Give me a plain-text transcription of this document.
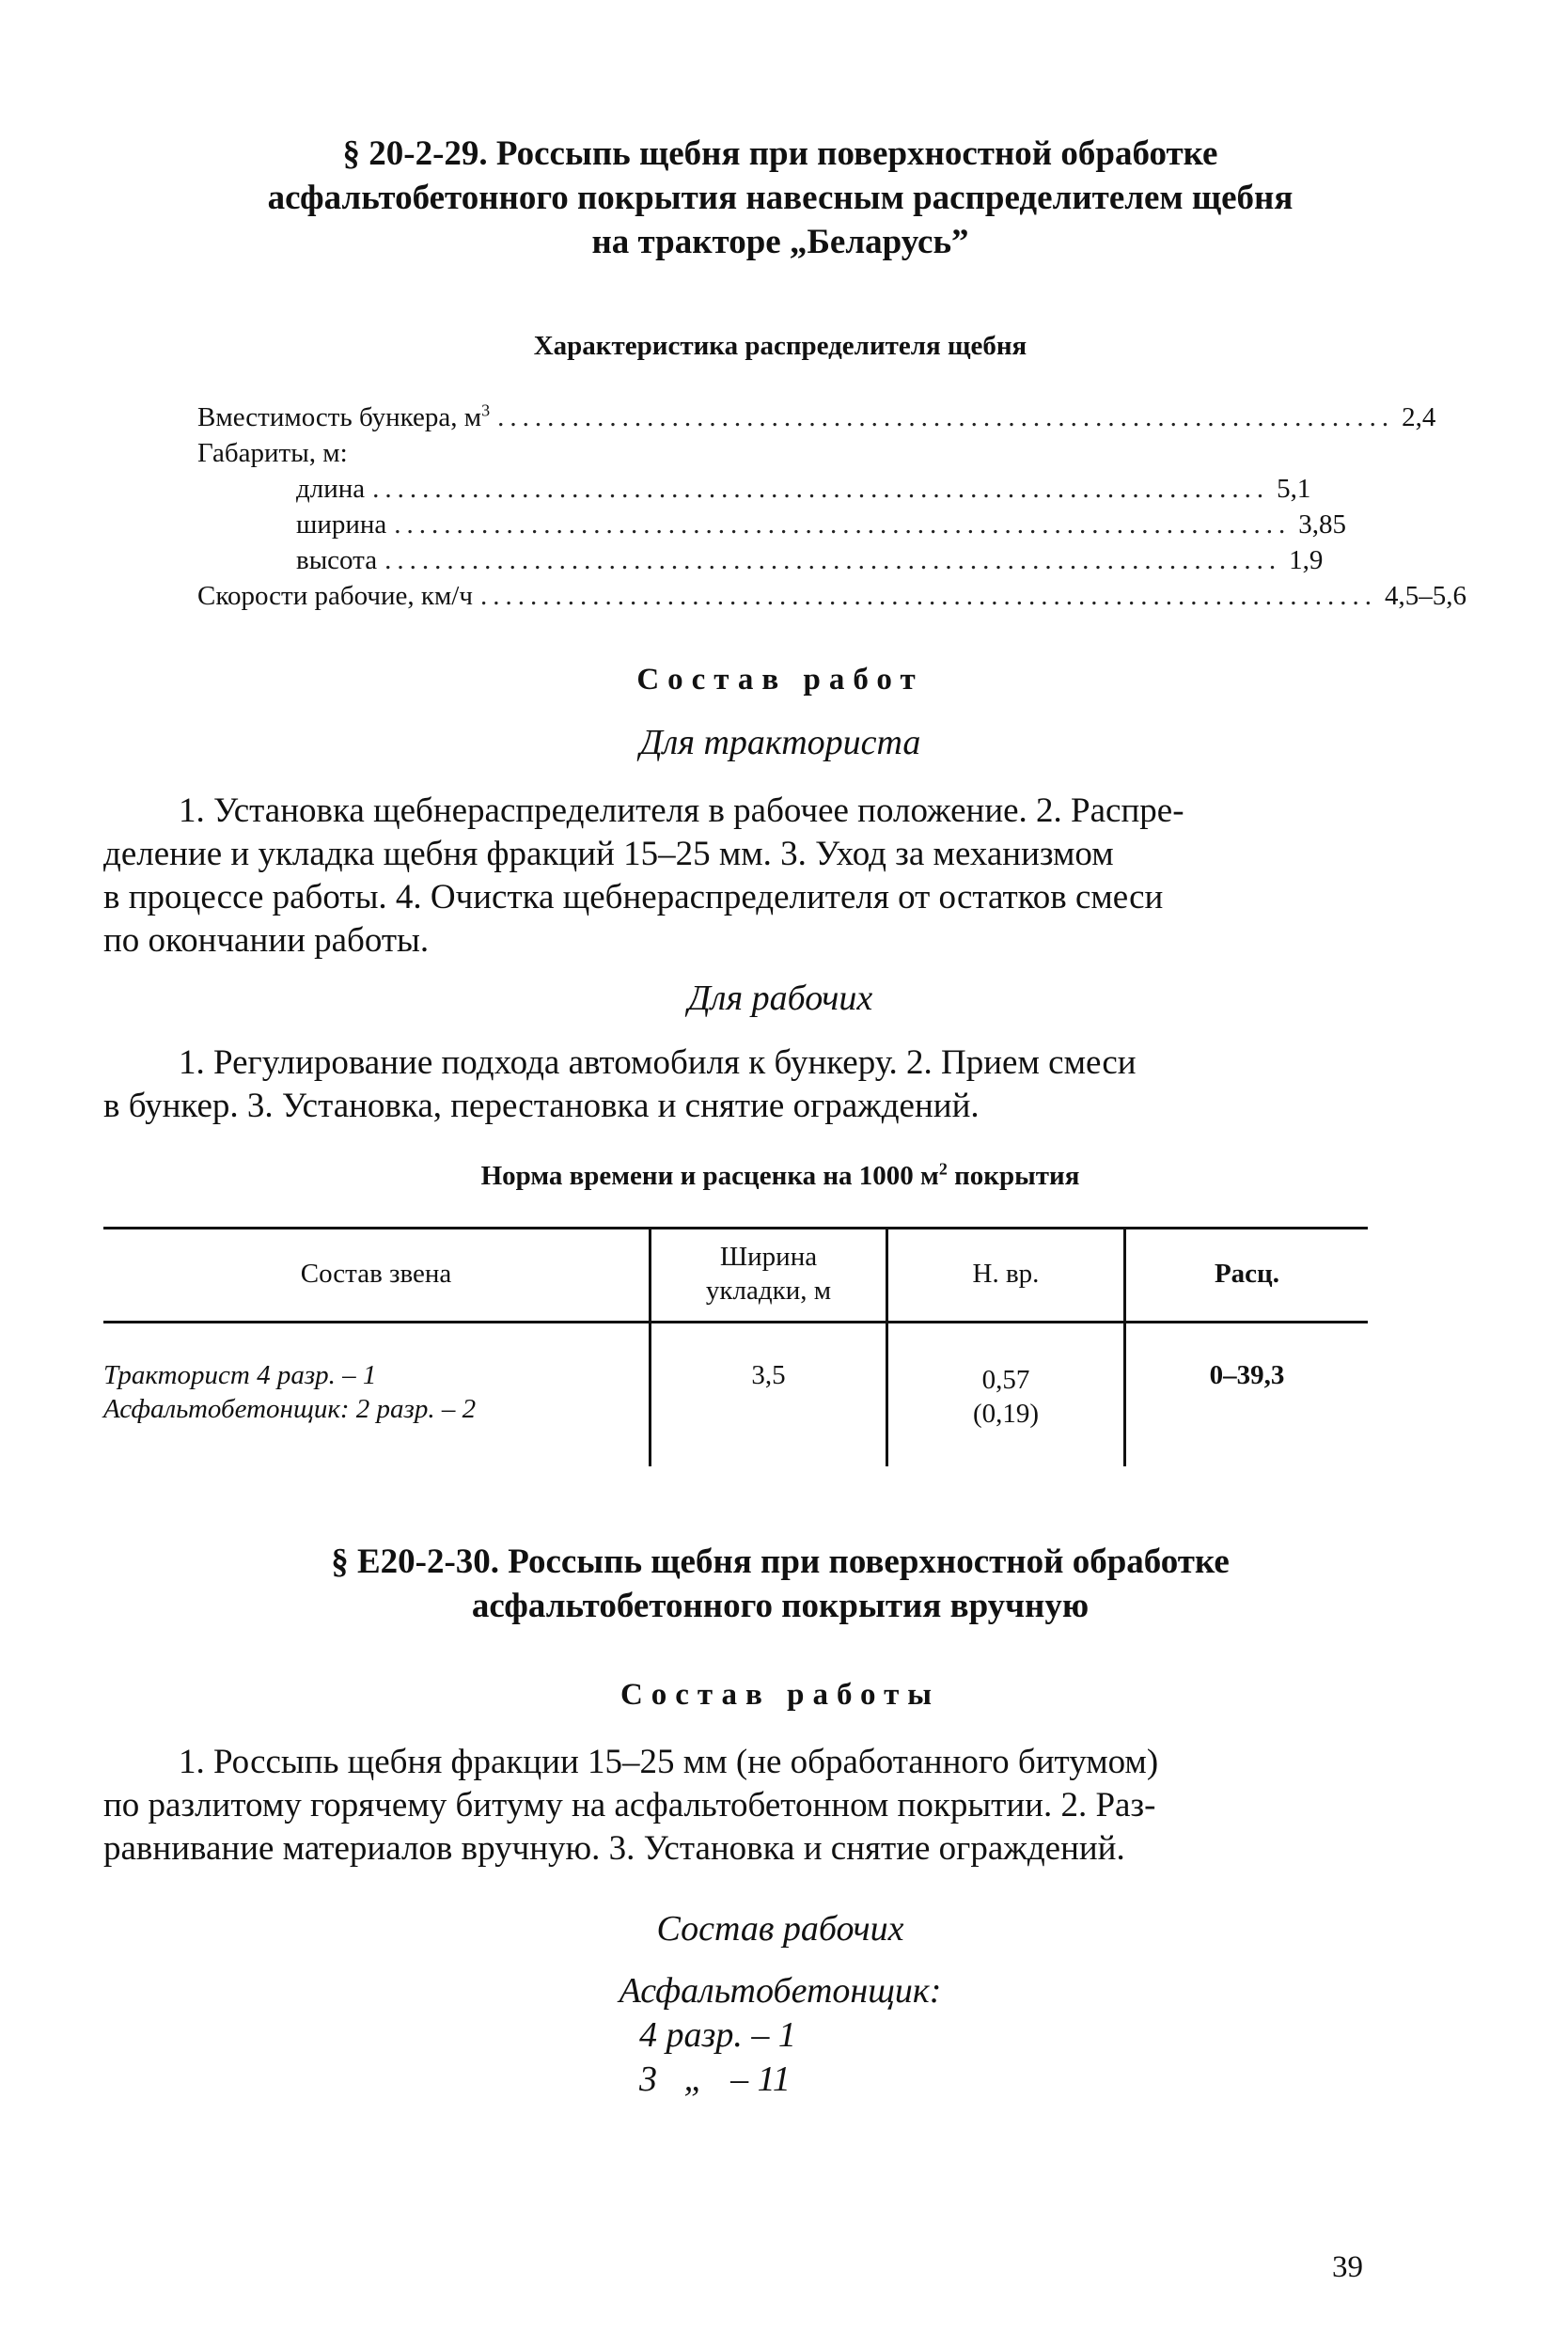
§ 20-2-29. Россыпь щебня при поверхностной обработке
асфальтобетонного покрытия навесным распределителем щебня
на тракторе „Беларусь”
Характеристика распределителя щебня
Вместимость бункера, $м^3$ ........................................................................ 2,4
Габариты, м:
длина ........................................................................ 5,1
ширина ........................................................................ 3,85
высота ........................................................................ 1,9
Скорости рабочие, км/ч ........................................................................ 4,5–5,6
Состав работ
Для тракториста
1. Установка щебнераспределителя в рабочее положение. 2. Распре-
деление и укладка щебня фракций 15–25 мм. 3. Уход за механизмом
в процессе работы. 4. Очистка щебнераспределителя от остатков смеси
по окончании работы.
Для рабочих
1. Регулирование подхода автомобиля к бункеру. 2. Прием смеси
в бункер. 3. Установка, перестановка и снятие ограждений.
Норма времени и расценка на 1000 $м^2$ покрытия
Состав звена
Ширина
укладки, м
Н. вр.	Расц.
Тракторист 4 разр. – 1
Асфальтобетонщик: 2 разр. – 2
3,5	0,57
(0,19)
0–39,3
§ Е20-2-30. Россыпь щебня при поверхностной обработке
асфальтобетонного покрытия вручную
Состав работы
1. Россыпь щебня фракции 15–25 мм (не обработанного битумом)
по разлитому горячему битуму на асфальтобетонном покрытии. 2. Раз-
равнивание материалов вручную. 3. Установка и снятие ограждений.
Состав рабочих
Асфальтобетонщик:
4 разр. – 1
3   „   – 11
39
